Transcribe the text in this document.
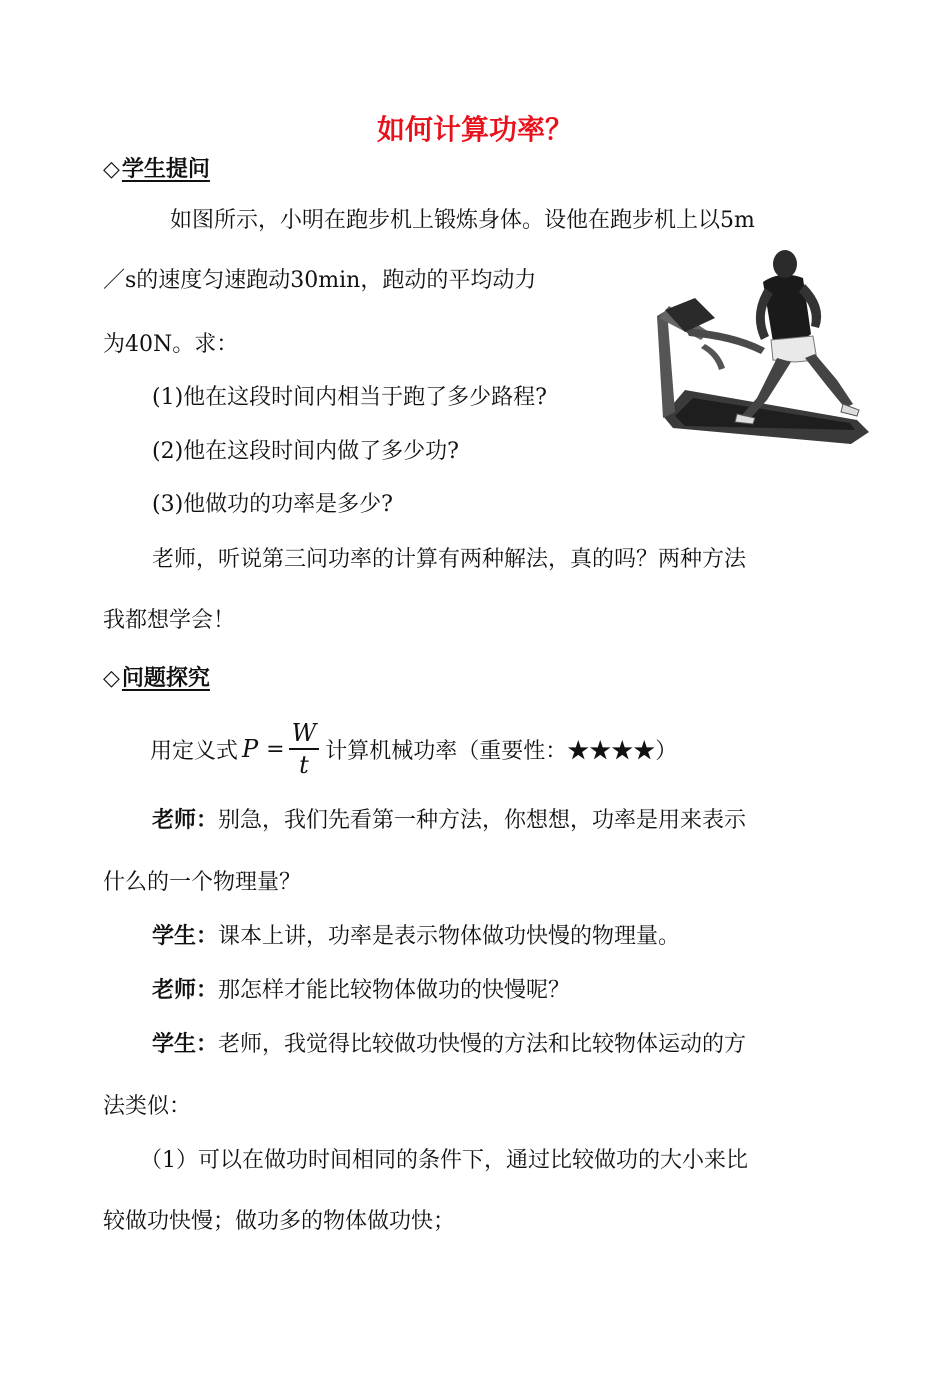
如何计算功率？
◇学生提问
如图所示，小明在跑步机上锻炼身体。设他在跑步机上以5m
／s的速度匀速跑动30min，跑动的平均动力
为40N。求：
(1)他在这段时间内相当于跑了多少路程?
(2)他在这段时间内做了多少功?
(3)他做功的功率是多少?
老师，听说第三问功率的计算有两种解法，真的吗？两种方法
我都想学会！
◇问题探究
用定义式 $P = \frac{W}{t}$ 计算机械功率（重要性：★★★★）
老师：别急，我们先看第一种方法，你想想，功率是用来表示
什么的一个物理量？
学生：课本上讲，功率是表示物体做功快慢的物理量。
老师：那怎样才能比较物体做功的快慢呢？
学生：老师，我觉得比较做功快慢的方法和比较物体运动的方
法类似：
（1）可以在做功时间相同的条件下，通过比较做功的大小来比
较做功快慢；做功多的物体做功快；
